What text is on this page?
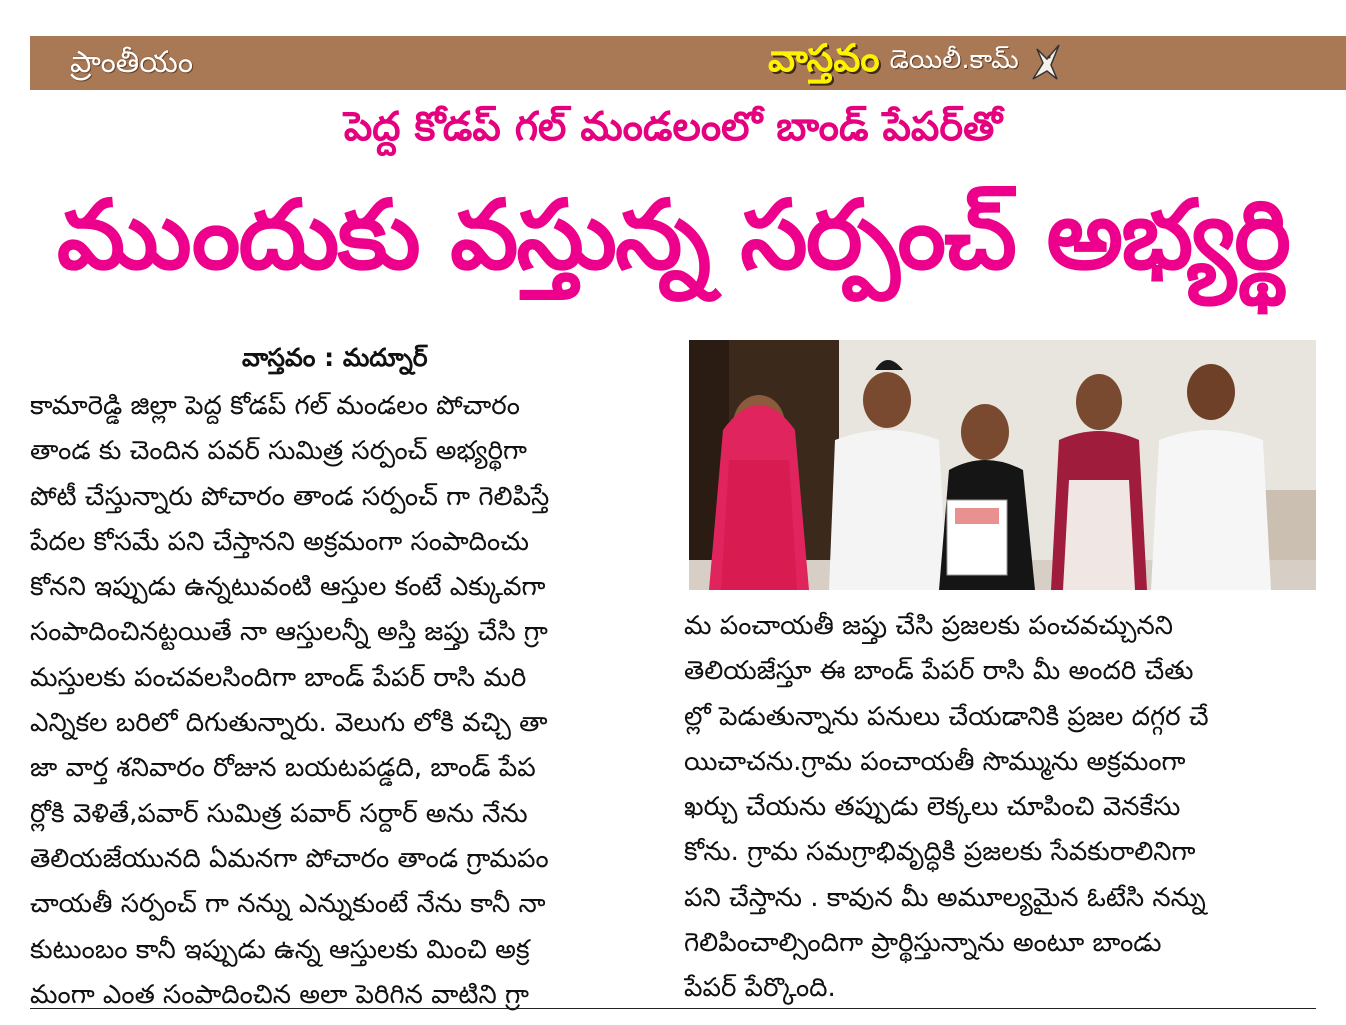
ప్రాంతీయం	వాస్తవం డెయిలీ.కామ్
పెద్ద కోడప్ గల్ మండలంలో బాండ్ పేపర్‌తో
ముందుకు వస్తున్న సర్పంచ్ అభ్యర్థి
వాస్తవం : మద్నూర్
కామారెడ్డి జిల్లా పెద్ద కోడప్ గల్ మండలం పోచారం
తాండ కు చెందిన పవర్ సుమిత్ర సర్పంచ్ అభ్యర్థిగా
పోటీ చేస్తున్నారు పోచారం తాండ సర్పంచ్ గా గెలిపిస్తే
పేదల కోసమే పని చేస్తానని అక్రమంగా సంపాదించు
కోనని ఇప్పుడు ఉన్నటువంటి ఆస్తుల కంటే ఎక్కువగా
సంపాదించినట్టయితే నా ఆస్తులన్నీ అస్తి జప్తు చేసి గ్రా
మస్తులకు పంచవలసిందిగా బాండ్ పేపర్ రాసి మరి
ఎన్నికల బరిలో దిగుతున్నారు. వెలుగు లోకి వచ్చి తా
జా వార్త శనివారం రోజున బయటపడ్డది, బాండ్ పేప
ర్లోకి వెళితే,పవార్ సుమిత్ర పవార్ సర్దార్ అను నేను
తెలియజేయునది ఏమనగా పోచారం తాండ గ్రామపం
చాయతీ సర్పంచ్ గా నన్ను ఎన్నుకుంటే నేను కానీ నా
కుటుంబం కానీ ఇప్పుడు ఉన్న ఆస్తులకు మించి అక్ర
మంగా ఎంత సంపాదించిన అలా పెరిగిన వాటిని గ్రా
మ పంచాయతీ జప్తు చేసి ప్రజలకు పంచవచ్చునని
తెలియజేస్తూ ఈ బాండ్ పేపర్ రాసి మీ అందరి చేతు
ల్లో పెడుతున్నాను పనులు చేయడానికి ప్రజల దగ్గర చే
యిచాచను.గ్రామ పంచాయతీ సొమ్మును అక్రమంగా
ఖర్చు చేయను తప్పుడు లెక్కలు చూపించి వెనకేసు
కోను. గ్రామ సమగ్రాభివృద్ధికి ప్రజలకు సేవకురాలినిగా
పని చేస్తాను . కావున మీ అమూల్యమైన ఓటేసి నన్ను
గెలిపించాల్సిందిగా ప్రార్థిస్తున్నాను అంటూ బాండు
పేపర్ పేర్కొంది.
